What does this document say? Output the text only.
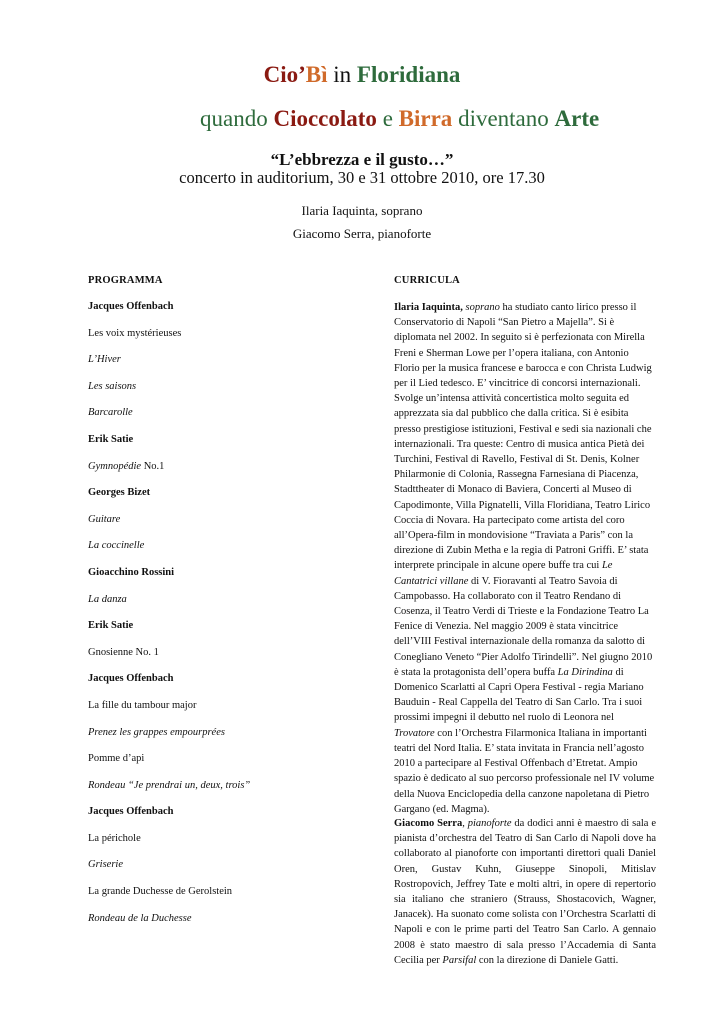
Cio’Bì in Floridiana
quando Cioccolato e Birra diventano Arte
“L’ebbrezza e il gusto…”
concerto in auditorium, 30 e 31 ottobre 2010, ore 17.30
Ilaria Iaquinta, soprano
Giacomo Serra, pianoforte
PROGRAMMA	CURRICULA
Jacques Offenbach
Les voix mystérieuses
L’Hiver
Les saisons
Barcarolle
Erik Satie
Gymnopédie No.1
Georges Bizet
Guitare
La coccinelle
Gioacchino Rossini
La danza
Erik Satie
Gnosienne No. 1
Jacques Offenbach
La fille du tambour major
Prenez les grappes empourprées
Pomme d’api
Rondeau “Je prendrai un, deux, trois”
Jacques Offenbach
La périchole
Griserie
La grande Duchesse de Gerolstein
Rondeau de la Duchesse

Ilaria Iaquinta, soprano ha studiato canto lirico presso il Conservatorio di Napoli “San Pietro a Majella”. Si è diplomata nel 2002. In seguito si è perfezionata con Mirella Freni e Sherman Lowe per l’opera italiana, con Antonio Florio per la musica francese e barocca e con Christa Ludwig per il Lied tedesco. E’ vincitrice di concorsi internazionali. Svolge un’intensa attività concertistica molto seguita ed apprezzata sia dal pubblico che dalla critica. Si è esibita presso prestigiose istituzioni, Festival e sedi sia nazionali che internazionali. Tra queste: Centro di musica antica Pietà dei Turchini, Festival di Ravello, Festival di St. Denis, Kolner Philarmonie di Colonia, Rassegna Farnesiana di Piacenza, Stadttheater di Monaco di Baviera, Concerti al Museo di Capodimonte, Villa Pignatelli, Villa Floridiana, Teatro Lirico Coccia di Novara. Ha partecipato come artista del coro all’Opera-film in mondovisione “Traviata a Paris” con la direzione di Zubin Metha e la regia di Patroni Griffi. E’ stata interprete principale in alcune opere buffe tra cui Le Cantatrici villane di V. Fioravanti al Teatro Savoia di Campobasso. Ha collaborato con il Teatro Rendano di Cosenza, il Teatro Verdi di Trieste e la Fondazione Teatro La Fenice di Venezia. Nel maggio 2009 è stata vincitrice dell’VIII Festival internazionale della romanza da salotto di Conegliano Veneto “Pier Adolfo Tirindelli”. Nel giugno 2010 è stata la protagonista dell’opera buffa La Dirindina di Domenico Scarlatti al Capri Opera Festival - regia Mariano Bauduin - Real Cappella del Teatro di San Carlo. Tra i suoi prossimi impegni il debutto nel ruolo di Leonora nel Trovatore con l’Orchestra Filarmonica Italiana in importanti teatri del Nord Italia. E’ stata invitata in Francia nell’agosto 2010 a partecipare al Festival Offenbach d’Etretat. Ampio spazio è dedicato al suo percorso professionale nel IV volume della Nuova Enciclopedia della canzone napoletana di Pietro Gargano (ed. Magma).

Giacomo Serra, pianoforte da dodici anni è maestro di sala e pianista d’orchestra del Teatro di San Carlo di Napoli dove ha collaborato al pianoforte con importanti direttori quali Daniel Oren, Gustav Kuhn, Giuseppe Sinopoli, Mitislav Rostropovich, Jeffrey Tate e molti altri, in opere di repertorio sia italiano che straniero (Strauss, Shostacovich, Wagner, Janacek). Ha suonato come solista con l’Orchestra Scarlatti di Napoli e con le prime parti del Teatro San Carlo. A gennaio 2008 è stato maestro di sala presso l’Accademia di Santa Cecilia per Parsifal con la direzione di Daniele Gatti.
